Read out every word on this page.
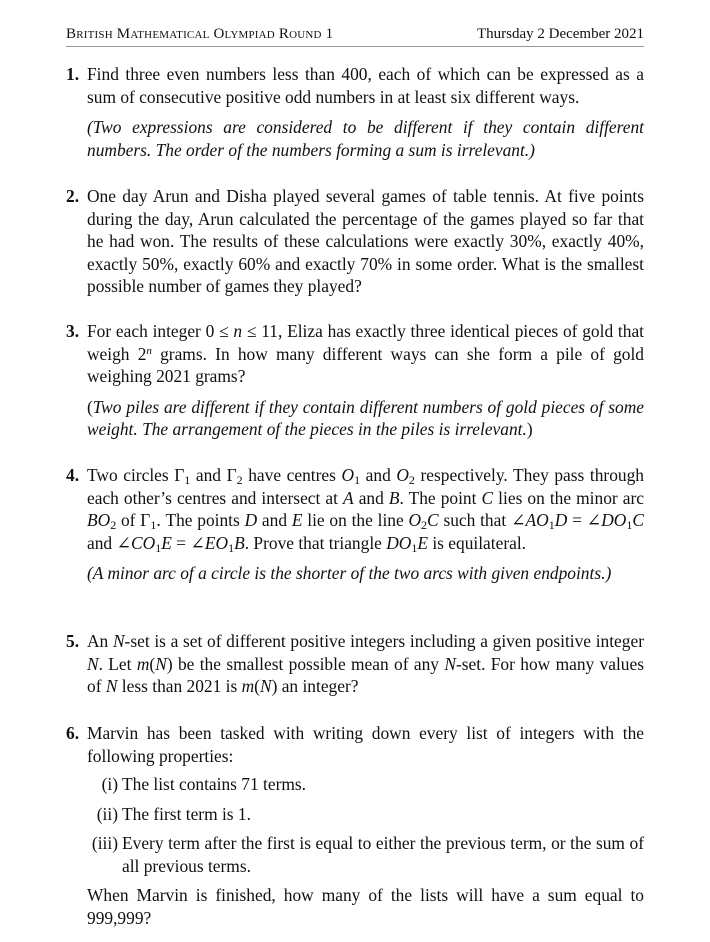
British Mathematical Olympiad Round 1	Thursday 2 December 2021
1. Find three even numbers less than 400, each of which can be expressed as a sum of consecutive positive odd numbers in at least six different ways.

(Two expressions are considered to be different if they contain different numbers. The order of the numbers forming a sum is irrelevant.)

2. One day Arun and Disha played several games of table tennis. At five points during the day, Arun calculated the percentage of the games played so far that he had won. The results of these calculations were exactly 30%, exactly 40%, exactly 50%, exactly 60% and exactly 70% in some order. What is the smallest possible number of games they played?

3. For each integer 0 ≤ n ≤ 11, Eliza has exactly three identical pieces of gold that weigh 2$^n$ grams. In how many different ways can she form a pile of gold weighing 2021 grams?

(Two piles are different if they contain different numbers of gold pieces of some weight. The arrangement of the pieces in the piles is irrelevant.)

4. Two circles $\Gamma_1$ and $\Gamma_2$ have centres $O_1$ and $O_2$ respectively. They pass through each other’s centres and intersect at A and B. The point C lies on the minor arc $BO_2$ of $\Gamma_1$. The points D and E lie on the line $O_2C$ such that $\angle AO_1D$ = $\angle DO_1C$ and $\angle CO_1E$ = $\angle EO_1B$. Prove that triangle $DO_1E$ is equilateral.

(A minor arc of a circle is the shorter of the two arcs with given endpoints.)

5. An N-set is a set of different positive integers including a given positive integer N. Let m(N) be the smallest possible mean of any N-set. For how many values of N less than 2021 is m(N) an integer?

6. Marvin has been tasked with writing down every list of integers with the following properties:

(i) The list contains 71 terms.
(ii) The first term is 1.
(iii) Every term after the first is equal to either the previous term, or the sum of all previous terms.

When Marvin is finished, how many of the lists will have a sum equal to 999,999?
